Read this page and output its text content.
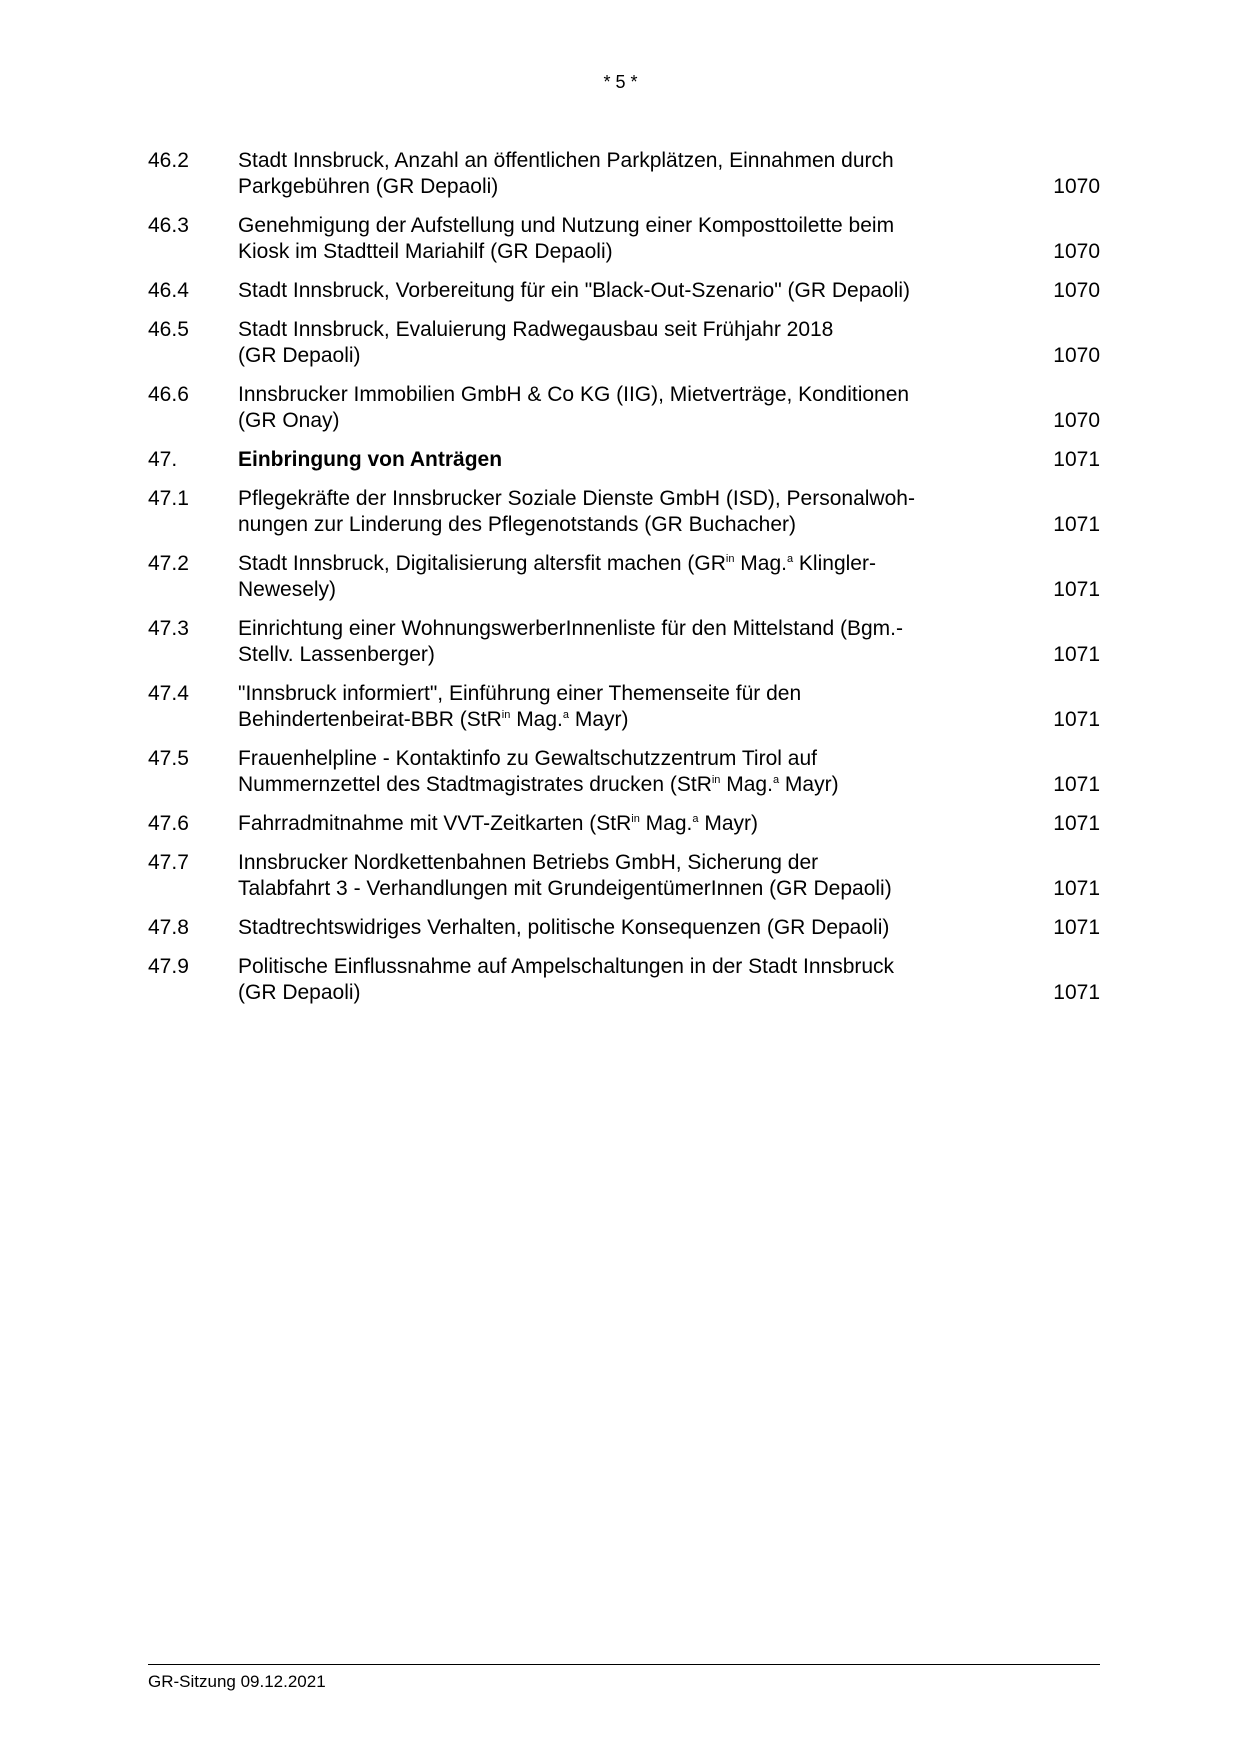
* 5 *
46.2	Stadt Innsbruck, Anzahl an öffentlichen Parkplätzen, Einnahmen durch
Parkgebühren (GR Depaoli)	1070
46.3	Genehmigung der Aufstellung und Nutzung einer Komposttoilette beim
Kiosk im Stadtteil Mariahilf (GR Depaoli)	1070
46.4	Stadt Innsbruck, Vorbereitung für ein "Black-Out-Szenario" (GR Depaoli)	1070
46.5	Stadt Innsbruck, Evaluierung Radwegausbau seit Frühjahr 2018
(GR Depaoli)	1070
46.6	Innsbrucker Immobilien GmbH & Co KG (IIG), Mietverträge, Konditionen
(GR Onay)	1070
47.	Einbringung von Anträgen	1071
47.1	Pflegekräfte der Innsbrucker Soziale Dienste GmbH (ISD), Personalwoh-
nungen zur Linderung des Pflegenotstands (GR Buchacher)	1071
47.2	Stadt Innsbruck, Digitalisierung altersfit machen ($GR^{in}$ Mag.$^a$ Klingler-
Newesely)	1071
47.3	Einrichtung einer WohnungswerberInnenliste für den Mittelstand (Bgm.-
Stellv. Lassenberger)	1071
47.4	"Innsbruck informiert", Einführung einer Themenseite für den
Behindertenbeirat-BBR (StR$^{in}$ Mag.$^a$ Mayr)	1071
47.5	Frauenhelpline - Kontaktinfo zu Gewaltschutzzentrum Tirol auf
Nummernzettel des Stadtmagistrates drucken (StR$^{in}$ Mag.$^a$ Mayr)	1071
47.6	Fahrradmitnahme mit VVT-Zeitkarten (StR$^{in}$ Mag.$^a$ Mayr)	1071
47.7	Innsbrucker Nordkettenbahnen Betriebs GmbH, Sicherung der
Talabfahrt 3 - Verhandlungen mit GrundeigentümerInnen (GR Depaoli)	1071
47.8	Stadtrechtswidriges Verhalten, politische Konsequenzen (GR Depaoli)	1071
47.9	Politische Einflussnahme auf Ampelschaltungen in der Stadt Innsbruck
(GR Depaoli)	1071
GR-Sitzung 09.12.2021
